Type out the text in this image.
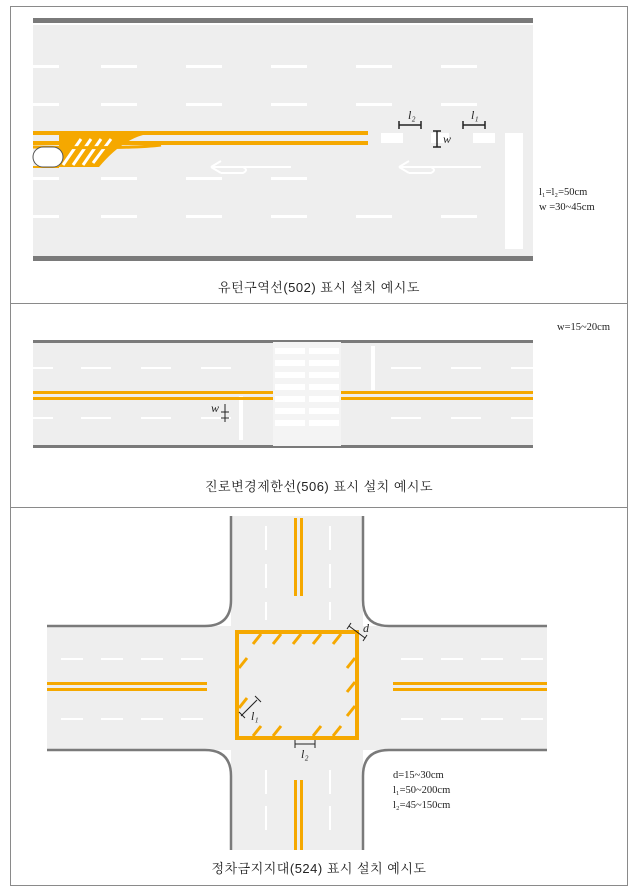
l₂	l₁
w
l₁=l₂=50cm
w =30~45cm
유턴구역선(502) 표시 설치 예시도
w
w=15~20cm
진로변경제한선(506) 표시 설치 예시도
d
l₁
l₂
d=15~30cm
l₁=50~200cm
l₂=45~150cm
정차금지지대(524) 표시 설치 예시도
